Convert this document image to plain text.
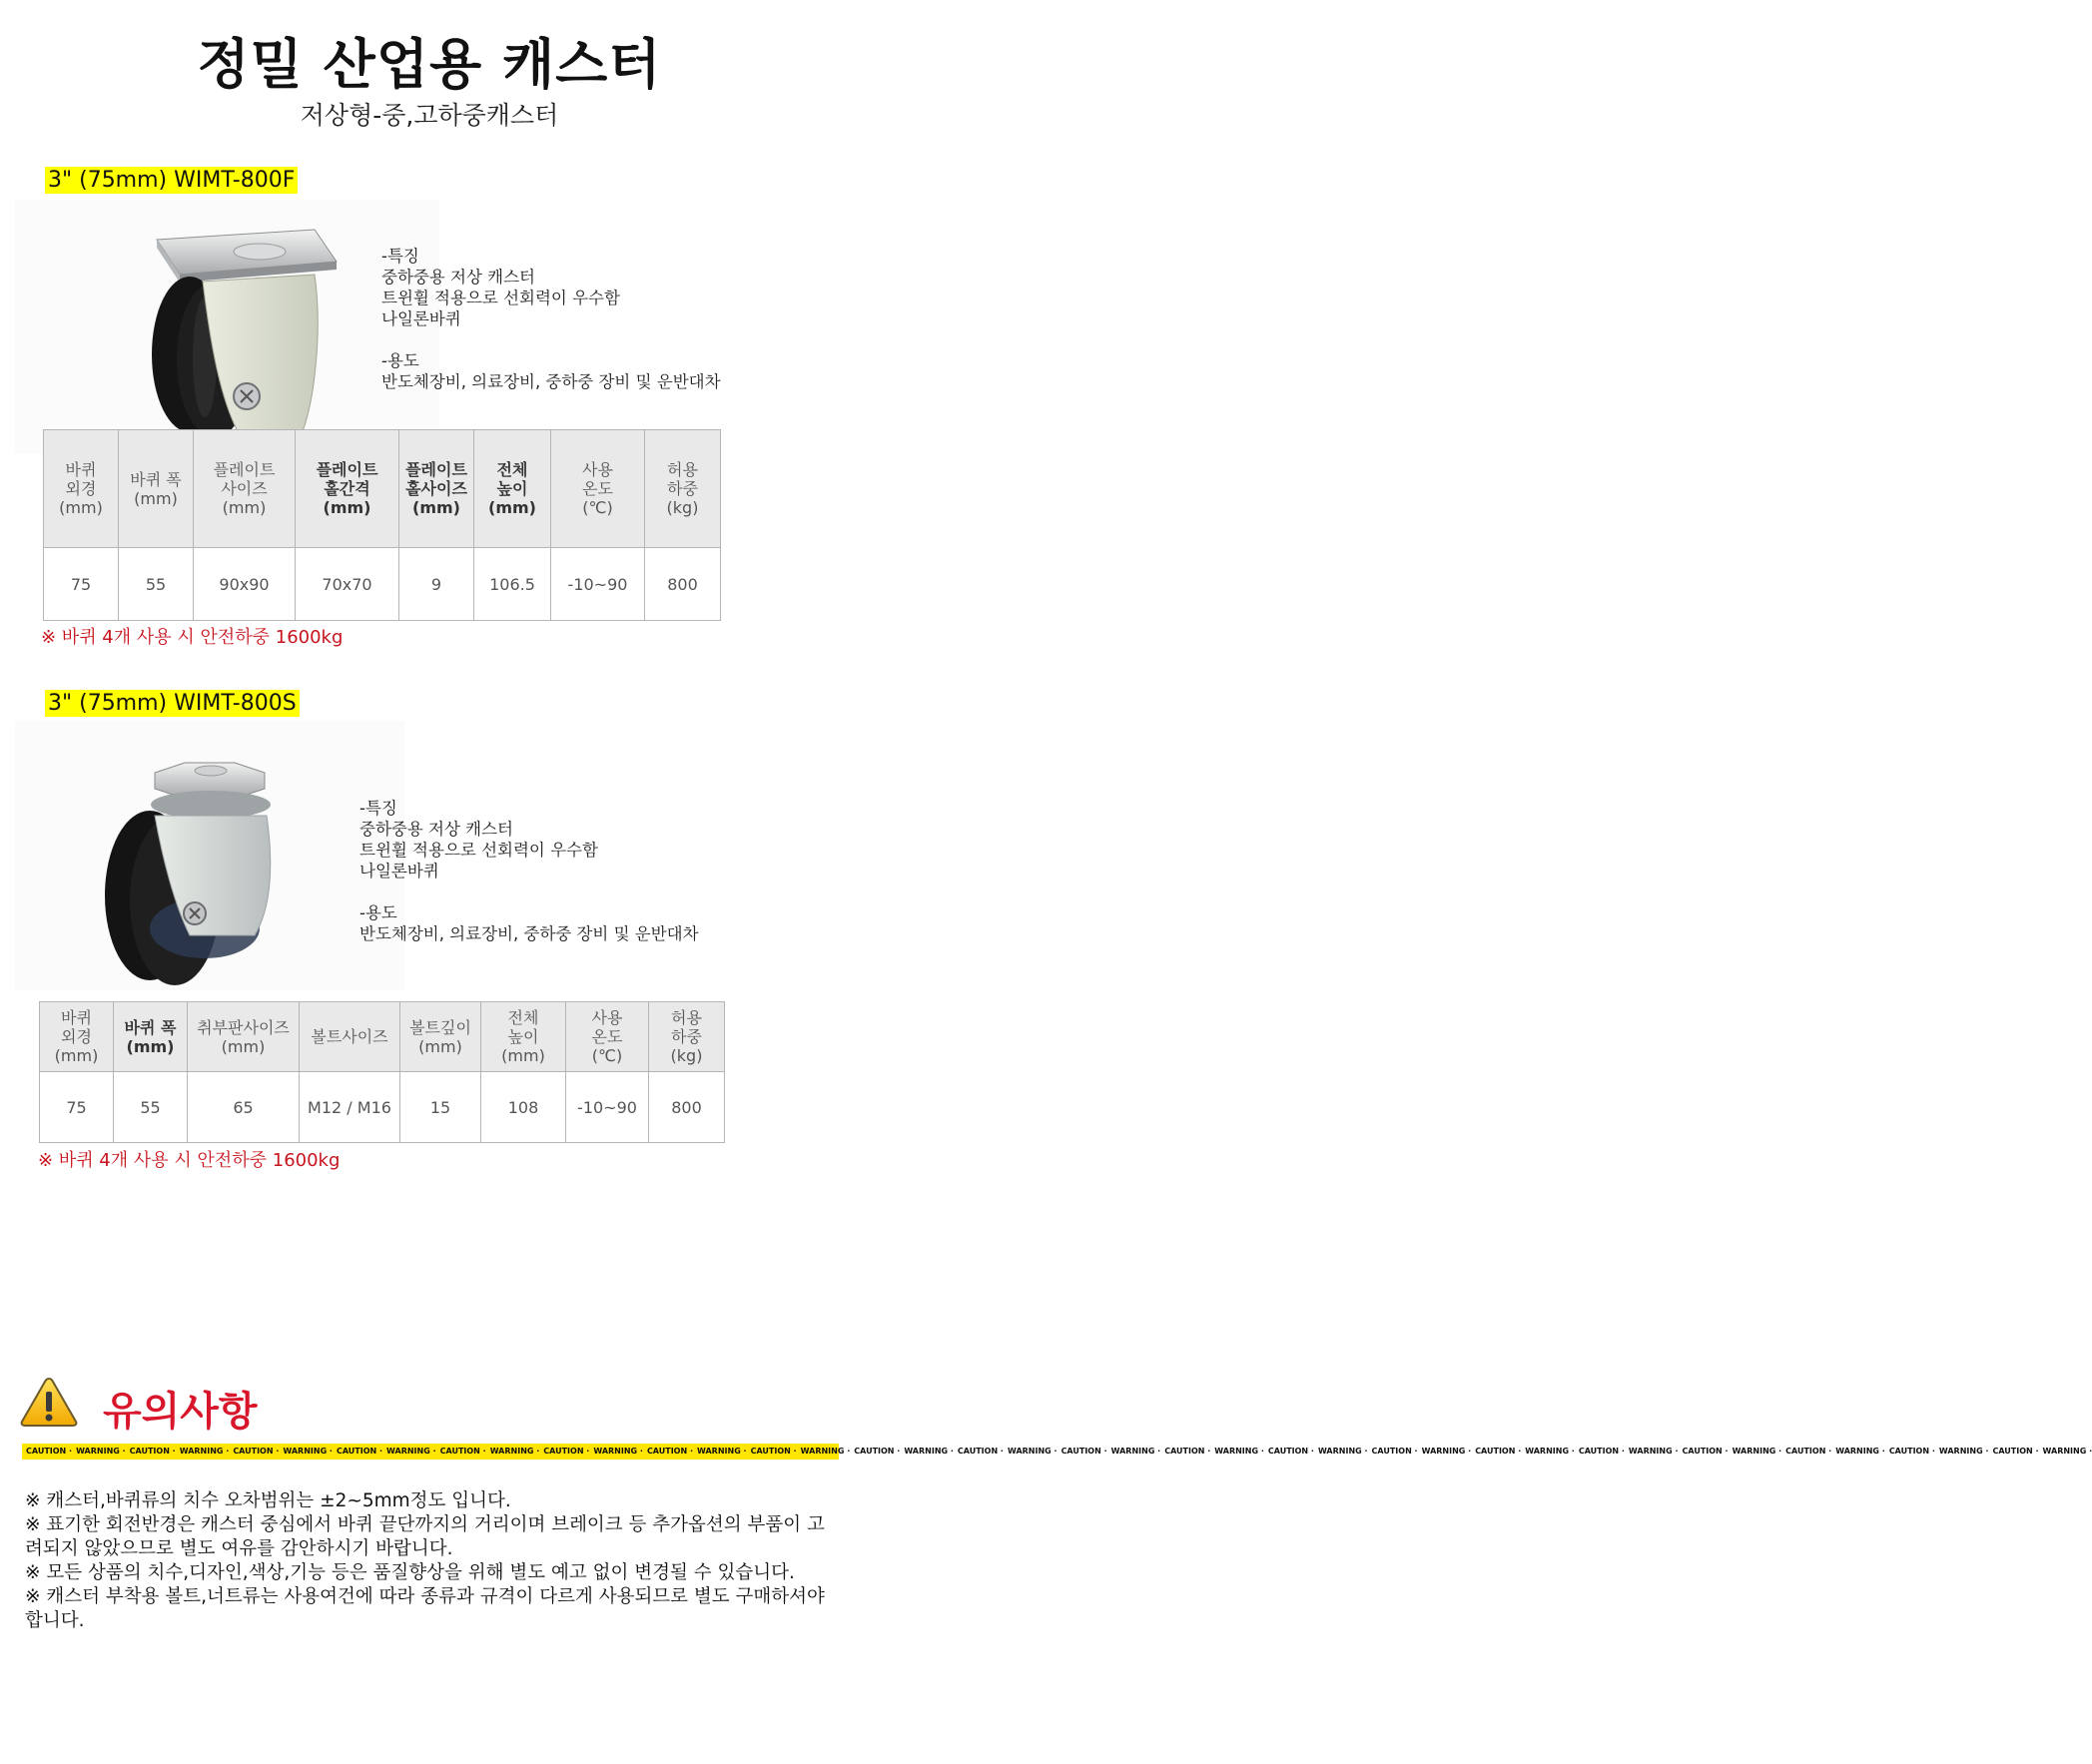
정밀 산업용 캐스터
저상형-중,고하중캐스터
3" (75mm) WIMT-800F
-특징
중하중용 저상 캐스터
트윈휠 적용으로 선회력이 우수함
나일론바퀴
-용도
반도체장비, 의료장비, 중하중 장비 및 운반대차
바퀴
외경
(mm)	바퀴 폭
(mm)	플레이트
사이즈
(mm)	플레이트
홀간격
(mm)	플레이트
홀사이즈
(mm)	전체
높이
(mm)	사용
온도
(℃)	허용
하중
(kg)
75	55	90x90	70x70	9	106.5	-10~90	800
※ 바퀴 4개 사용 시 안전하중 1600kg
3" (75mm) WIMT-800S
-특징
중하중용 저상 캐스터
트윈휠 적용으로 선회력이 우수함
나일론바퀴
-용도
반도체장비, 의료장비, 중하중 장비 및 운반대차
바퀴
외경
(mm)	바퀴 폭
(mm)	취부판사이즈
(mm)	볼트사이즈	볼트깊이
(mm)	전체
높이
(mm)	사용
온도
(℃)	허용
하중
(kg)
75	55	65	M12 / M16	15	108	-10~90	800
※ 바퀴 4개 사용 시 안전하중 1600kg
유의사항
CAUTION · WARNING · CAUTION · WARNING · CAUTION · WARNING · CAUTION · WARNING · CAUTION · WARNING · CAUTION · WARNING · CAUTION · WARNING · CAUTION · WARNING · CAUTION · WARNING · CAUTION · WARNING · CAUTION · WARNING · CAUTION · WARNING · CAUTION · WARNING · CAUTION · WARNING · CAUTION · WARNING · CAUTION · WARNING · CAUTION · WARNING · CAUTION · WARNING · CAUTION · WARNING · CAUTION · WARNING ·
※ 캐스터,바퀴류의 치수 오차범위는 ±2~5mm정도 입니다.
※ 표기한 회전반경은 캐스터 중심에서 바퀴 끝단까지의 거리이며 브레이크 등 추가옵션의 부품이 고려되지 않았으므로 별도 여유를 감안하시기 바랍니다.
※ 모든 상품의 치수,디자인,색상,기능 등은 품질향상을 위해 별도 예고 없이 변경될 수 있습니다.
※ 캐스터 부착용 볼트,너트류는 사용여건에 따라 종류과 규격이 다르게 사용되므로 별도 구매하셔야 합니다.
